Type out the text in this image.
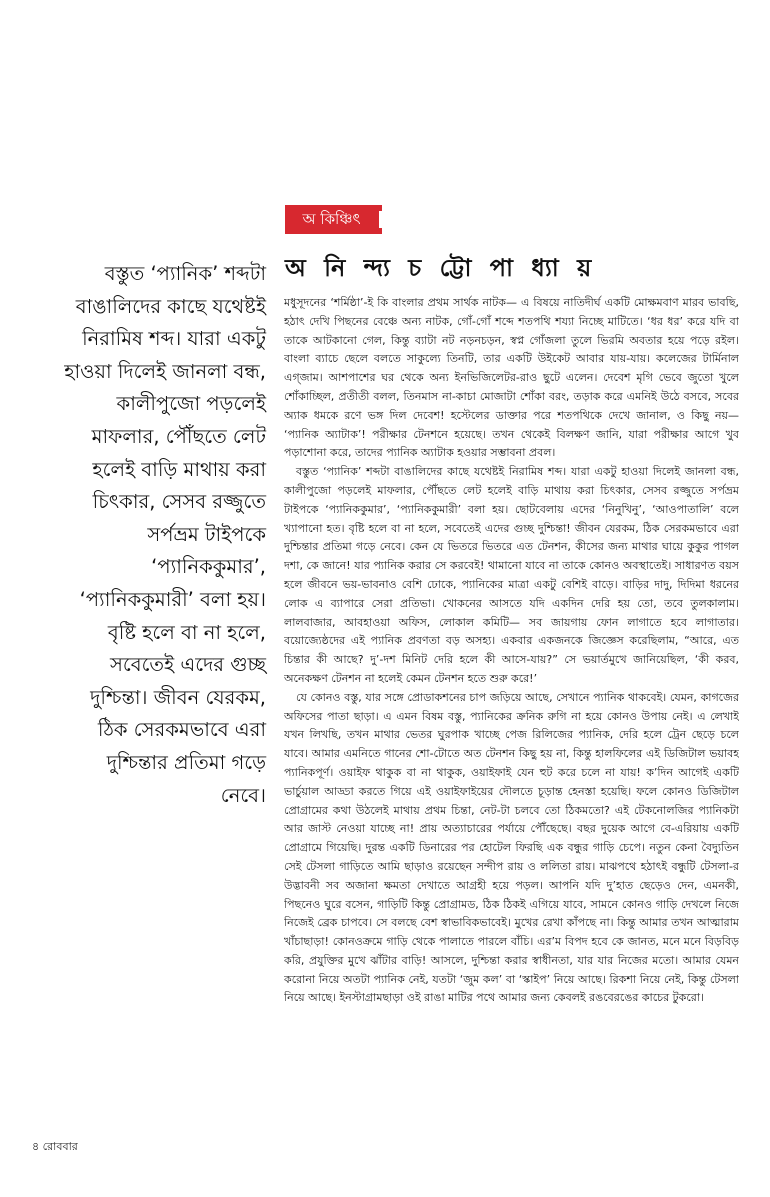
অ কিঞ্চিৎ
অ নি ন্দ্য চ ট্টো পা ধ্যা য়
বস্তুত ‘প্যানিক’ শব্দটা বাঙালিদের কাছে যথেষ্টই নিরামিষ শব্দ। যারা একটু হাওয়া দিলেই জানলা বন্ধ, কালীপুজো পড়লেই মাফলার, পৌঁছতে লেট হলেই বাড়ি মাথায় করা চিৎকার, সেসব রজ্জুতে সর্পভ্রম টাইপকে ‘প্যানিককুমার’, ‘প্যানিককুমারী’ বলা হয়। বৃষ্টি হলে বা না হলে, সবেতেই এদের গুচ্ছ দুশ্চিন্তা। জীবন যেরকম, ঠিক সেরকমভাবে এরা দুশ্চিন্তার প্রতিমা গড়ে নেবে।

মধুসূদনের ‘শর্মিষ্ঠা’-ই কি বাংলার প্রথম সার্থক নাটক— এ বিষয়ে নাতিদীর্ঘ একটি মোক্ষমবাণ মারব ভাবছি, হঠাৎ দেখি পিছনের বেঞ্চে অন্য নাটক, গোঁ-গোঁ শব্দে শতপথি শয্যা নিচ্ছে মাটিতে। ‘ধর ধর’ করে যদি বা তাকে আটকানো গেল, কিন্তু ব্যাটা নট নড়নচড়ন, স্বপ্ন গোঁজলা তুলে ভিরমি অবতার হয়ে পড়ে রইল। বাংলা ব্যাচে ছেলে বলতে সাকুল্যে তিনটি, তার একটি উইকেট আবার যায়-যায়। কলেজের টার্মিনাল এগ্জাম। আশপাশের ঘর থেকে অন্য ইনভিজিলেটর-রাও ছুটে এলেন। দেবেশ মৃগি ভেবে জুতো খুলে শোঁকাচ্ছিল, প্রতীতী বলল, তিনমাস না-কাচা মোজাটা শোঁকা বরং, তড়াক করে এমনিই উঠে বসবে, সবের অ্যাক ধমকে রণে ভঙ্গ দিল দেবেশ! হস্টেলের ডাক্তার পরে শতপথিকে দেখে জানাল, ও কিছু নয়— ‘প্যানিক অ্যাটাক’! পরীক্ষার টেনশনে হয়েছে। তখন থেকেই বিলক্ষণ জানি, যারা পরীক্ষার আগে খুব পড়াশোনা করে, তাদের প্যানিক অ্যাটাক হওয়ার সম্ভাবনা প্রবল।

বস্তুত ‘প্যানিক’ শব্দটা বাঙালিদের কাছে যথেষ্টই নিরামিষ শব্দ। যারা একটু হাওয়া দিলেই জানলা বন্ধ, কালীপুজো পড়লেই মাফলার, পৌঁছতে লেট হলেই বাড়ি মাথায় করা চিৎকার, সেসব রজ্জুতে সর্পভ্রম টাইপকে ‘প্যানিককুমার’, ‘প্যানিককুমারী’ বলা হয়। ছোটবেলায় এদের ‘নিনুখিনু’, ‘আওপাতালি’ বলে খ্যাপানো হত। বৃষ্টি হলে বা না হলে, সবেতেই এদের গুচ্ছ দুশ্চিন্তা! জীবন যেরকম, ঠিক সেরকমভাবে এরা দুশ্চিন্তার প্রতিমা গড়ে নেবে। কেন যে ভিতরে ভিতরে এত টেনশন, কীসের জন্য মাথার ঘায়ে কুকুর পাগল দশা, কে জানে! যার প্যানিক করার সে করবেই! থামানো যাবে না তাকে কোনও অবস্থাতেই। সাধারণত বয়স হলে জীবনে ভয়-ভাবনাও বেশি ঢোকে, প্যানিকের মাত্রা একটু বেশিই বাড়ে। বাড়ির দাদু, দিদিমা ধরনের লোক এ ব্যাপারে সেরা প্রতিভা। খোকনের আসতে যদি একদিন দেরি হয় তো, তবে তুলকালাম। লালবাজার, আবহাওয়া অফিস, লোকাল কমিটি— সব জায়গায় ফোন লাগাতে হবে লাগাতার। বয়োজ্যেষ্ঠদের এই প্যানিক প্রবণতা বড় অসহ্য। একবার একজনকে জিজ্ঞেস করেছিলাম, “আরে, এত চিন্তার কী আছে? দু’-দশ মিনিট দেরি হলে কী আসে-যায়?” সে ভয়ার্তমুখে জানিয়েছিল, ‘কী করব, অনেকক্ষণ টেনশন না হলেই কেমন টেনশন হতে শুরু করে!’

যে কোনও বস্তু, যার সঙ্গে প্রোডাকশনের চাপ জড়িয়ে আছে, সেখানে প্যানিক থাকবেই। যেমন, কাগজের অফিসের পাতা ছাড়া। এ এমন বিষম বস্তু, প্যানিকের ক্রনিক রুগি না হয়ে কোনও উপায় নেই। এ লেখাই যখন লিখছি, তখন মাথার ভেতর ঘুরপাক খাচ্ছে পেজ রিলিজের প্যানিক, দেরি হলে ট্রেন ছেড়ে চলে যাবে। আমার এমনিতে গানের শো-টোতে অত টেনশন কিছু হয় না, কিন্তু হালফিলের এই ডিজিটাল ভয়াবহ প্যানিকপূর্ণ। ওয়াইফ থাকুক বা না থাকুক, ওয়াইফাই যেন হুট করে চলে না যায়! ক’দিন আগেই একটি ভার্চুয়াল আড্ডা করতে গিয়ে এই ওয়াইফাইয়ের দৌলতে চূড়ান্ত হেনস্তা হয়েছি। ফলে কোনও ডিজিটাল প্রোগ্রামের কথা উঠলেই মাথায় প্রথম চিন্তা, নেট-টা চলবে তো ঠিকমতো? এই টেকনোলজির প্যানিকটা আর জাস্ট নেওয়া যাচ্ছে না! প্রায় অত্যাচারের পর্যায়ে পৌঁছেছে। বছর দুয়েক আগে বে-এরিয়ায় একটি প্রোগ্রামে গিয়েছি। দুরন্ত একটি ডিনারের পর হোটেল ফিরছি এক বন্ধুর গাড়ি চেপে। নতুন কেনা বৈদ্যুতিন সেই টেসলা গাড়িতে আমি ছাড়াও রয়েছেন সন্দীপ রায় ও ললিতা রায়। মাঝপথে হঠাৎই বন্ধুটি টেসলা-র উদ্ভাবনী সব অজানা ক্ষমতা দেখাতে আগ্রহী হয়ে পড়ল। আপনি যদি দু’হাত ছেড়েও দেন, এমনকী, পিছনেও ঘুরে বসেন, গাড়িটি কিন্তু প্রোগ্রামড, ঠিক ঠিকই এগিয়ে যাবে, সামনে কোনও গাড়ি দেখলে নিজে নিজেই ব্রেক চাপবে। সে বলছে বেশ স্বাভাবিকভাবেই। মুখের রেখা কাঁপছে না। কিন্তু আমার তখন আত্মারাম খাঁচাছাড়া! কোনওক্রমে গাড়ি থেকে পালাতে পারলে বাঁচি। এর’ম বিপদ হবে কে জানত, মনে মনে বিড়বিড় করি, প্রযুক্তির মুখে ঝাঁটার বাড়ি! আসলে, দুশ্চিন্তা করার স্বাধীনতা, যার যার নিজের মতো। আমার যেমন করোনা নিয়ে অতটা প্যানিক নেই, যতটা ‘জুম কল’ বা ‘স্কাইপ’ নিয়ে আছে। রিকশা নিয়ে নেই, কিন্তু টেসলা নিয়ে আছে। ইনস্টাগ্রামছাড়া ওই রাঙা মাটির পথে আমার জন্য কেবলই রঙবেরঙের কাচের টুকরো।

৪ রোববার
